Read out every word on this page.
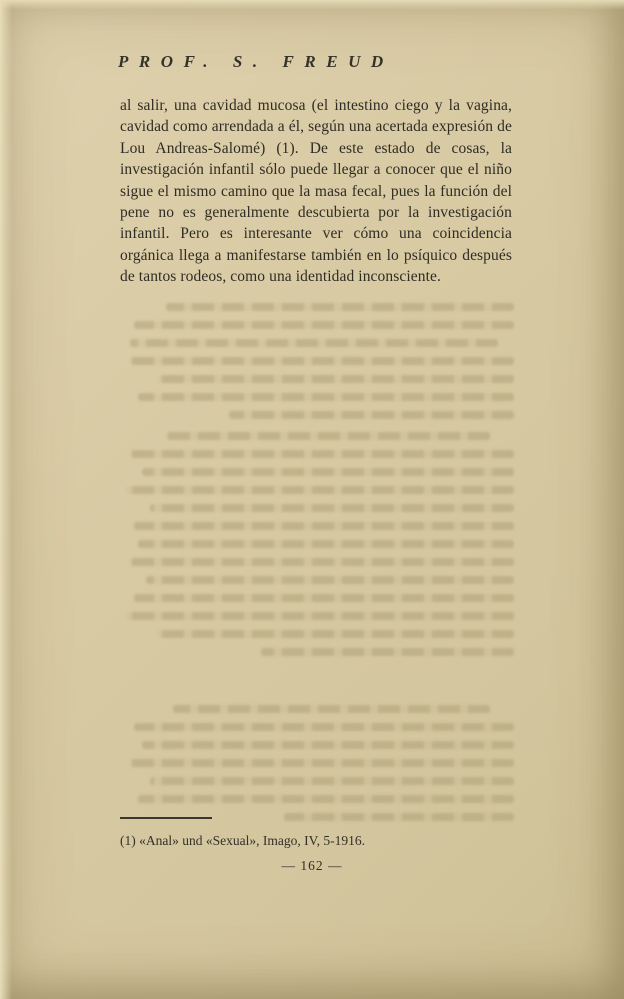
PROF. S. FREUD
al salir, una cavidad mucosa (el intestino ciego y la vagina, cavidad como arrendada a él, según una acertada expresión de Lou Andreas-Salomé) (1). De este estado de cosas, la investigación infantil sólo puede llegar a conocer que el niño sigue el mismo camino que la masa fecal, pues la función del pene no es generalmente descubierta por la investigación infantil. Pero es interesante ver cómo una coincidencia orgánica llega a manifestarse también en lo psíquico después de tantos rodeos, como una identidad inconsciente.
(1) «Anal» und «Sexual», Imago, IV, 5-1916.
— 162 —
